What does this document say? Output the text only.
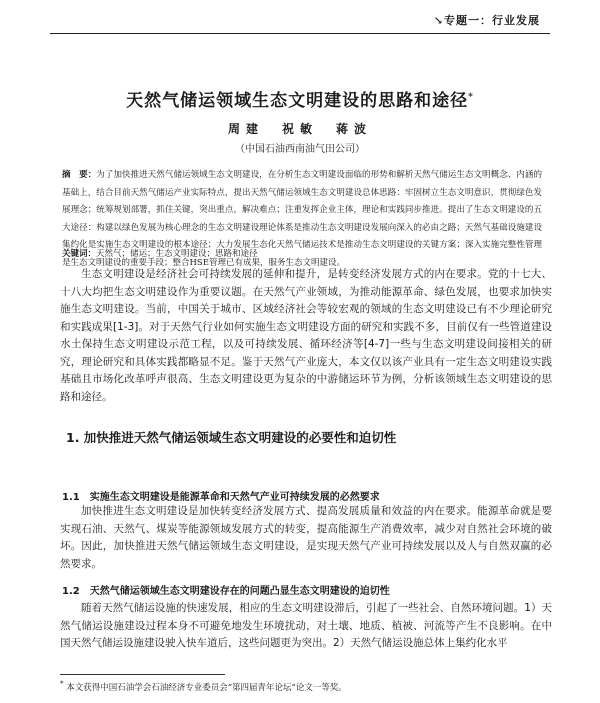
↘专题一：行业发展
天然气储运领域生态文明建设的思路和途径*
周建　祝敏　蒋波
（中国石油西南油气田公司）
摘　要：为了加快推进天然气储运领域生态文明建设，在分析生态文明建设面临的形势和解析天然气储运生态文明概念、内涵的基础上，结合目前天然气储运产业实际特点，提出天然气储运领域生态文明建设总体思路：牢固树立生态文明意识，贯彻绿色发展理念；统筹规划部署，抓住关键，突出重点，解决难点；注重发挥企业主体，理论和实践同步推进。提出了生态文明建设的五大途径：构建以绿色发展为核心理念的生态文明建设理论体系是推动生态文明建设发展向深入的必由之路；天然气基础设施建设集约化是实施生态文明建设的根本途径；大力发展生态化天然气储运技术是推动生态文明建设的关键方案；深入实施完整性管理是生态文明建设的重要手段；整合HSE管理已有成果，服务生态文明建设。
关键词：天然气；储运；生态文明建设；思路和途径

生态文明建设是经济社会可持续发展的延伸和提升，是转变经济发展方式的内在要求。党的十七大、十八大均把生态文明建设作为重要议题。在天然气产业领域，为推动能源革命、绿色发展，也要求加快实施生态文明建设。当前，中国关于城市、区域经济社会等较宏观的领域的生态文明建设已有不少理论研究和实践成果[1-3]。对于天然气行业如何实施生态文明建设方面的研究和实践不多，目前仅有一些管道建设水土保持生态文明建设示范工程，以及可持续发展、循环经济等[4-7]一些与生态文明建设间接相关的研究，理论研究和具体实践都略显不足。鉴于天然气产业庞大，本文仅以该产业具有一定生态文明建设实践基础且市场化改革呼声很高、生态文明建设更为复杂的中游储运环节为例，分析该领域生态文明建设的思路和途径。

1. 加快推进天然气储运领域生态文明建设的必要性和迫切性
1.1　实施生态文明建设是能源革命和天然气产业可持续发展的必然要求

加快推进生态文明建设是加快转变经济发展方式、提高发展质量和效益的内在要求。能源革命就是要实现石油、天然气、煤炭等能源领域发展方式的转变，提高能源生产消费效率，减少对自然社会环境的破坏。因此，加快推进天然气储运领域生态文明建设，是实现天然气产业可持续发展以及人与自然双赢的必然要求。

1.2　天然气储运领域生态文明建设存在的问题凸显生态文明建设的迫切性

随着天然气储运设施的快速发展，相应的生态文明建设滞后，引起了一些社会、自然环境问题。1）天然气储运设施建设过程本身不可避免地发生环境扰动，对土壤、地质、植被、河流等产生不良影响。在中国天然气储运设施建设驶入快车道后，这些问题更为突出。2）天然气储运设施总体上集约化水平

* 本文获得中国石油学会石油经济专业委员会“第四届青年论坛”论文一等奖。
